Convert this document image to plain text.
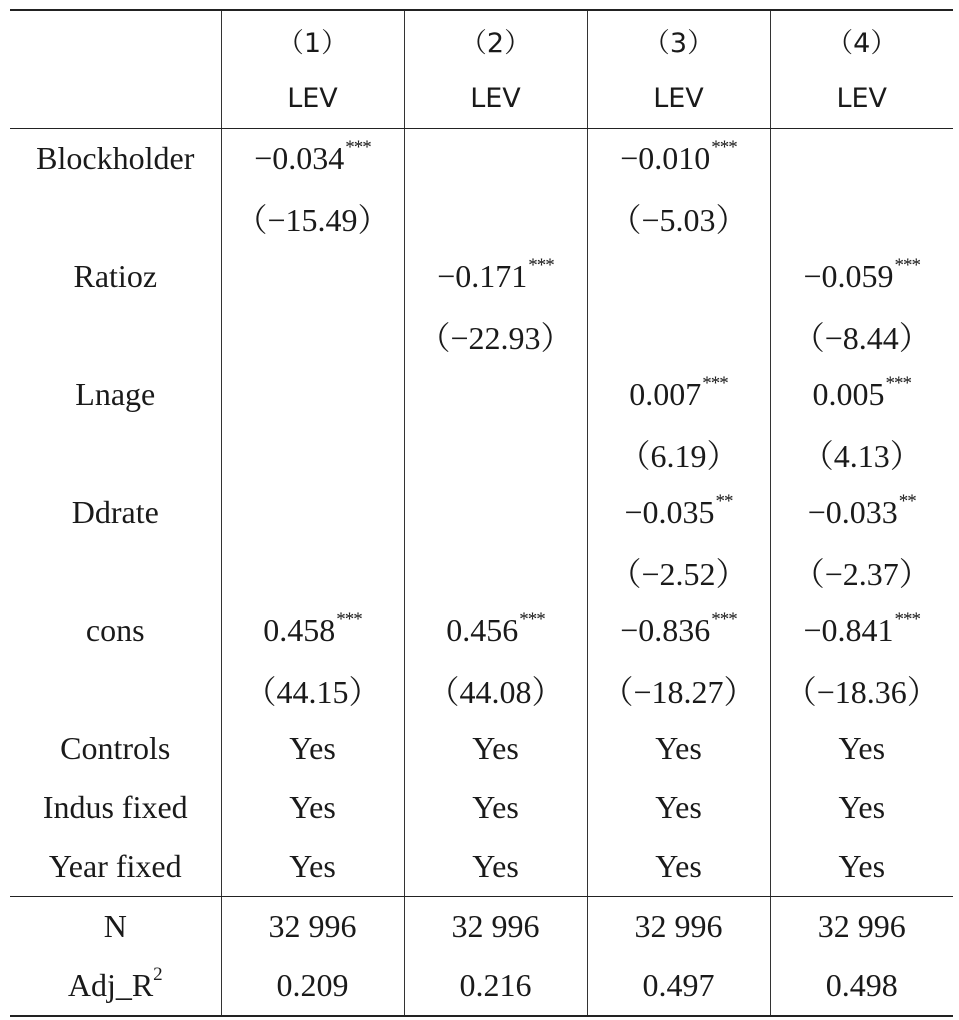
	（1）	（2）	（3）	（4）
	LEV	LEV	LEV	LEV
Blockholder	−0.034***		−0.010***	
	（−15.49）		（−5.03）	
Ratioz		−0.171***		−0.059***
		（−22.93）		（−8.44）
Lnage			0.007***	0.005***
			（6.19）	（4.13）
Ddrate			−0.035**	−0.033**
			（−2.52）	（−2.37）
cons	0.458***	0.456***	−0.836***	−0.841***
	（44.15）	（44.08）	（−18.27）	（−18.36）
Controls	Yes	Yes	Yes	Yes
Indus fixed	Yes	Yes	Yes	Yes
Year fixed	Yes	Yes	Yes	Yes
N	32 996	32 996	32 996	32 996
$Adj\_R^2$	0.209	0.216	0.497	0.498
